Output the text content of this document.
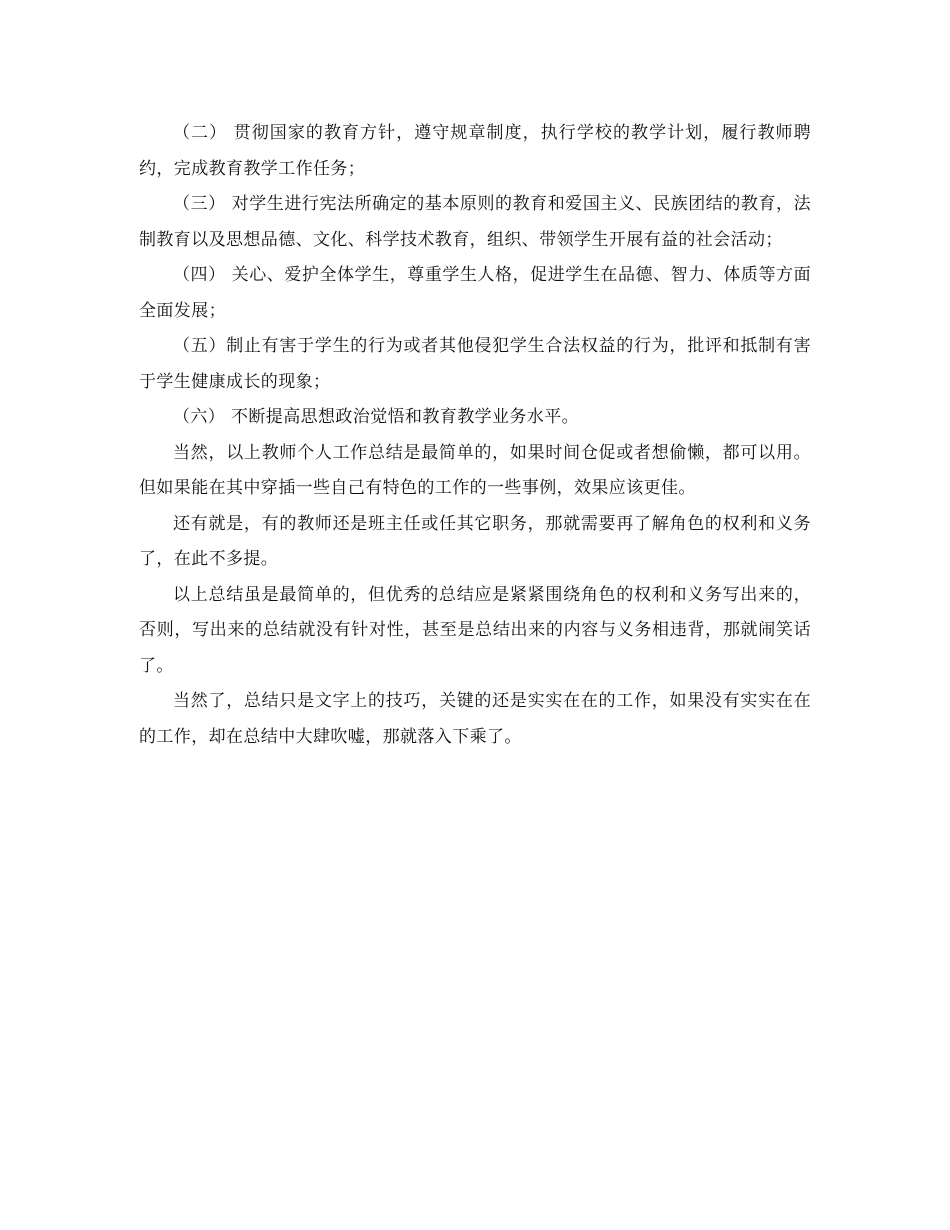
（二） 贯彻国家的教育方针，遵守规章制度，执行学校的教学计划，履行教师聘约，完成教育教学工作任务；

（三） 对学生进行宪法所确定的基本原则的教育和爱国主义、民族团结的教育，法制教育以及思想品德、文化、科学技术教育，组织、带领学生开展有益的社会活动；

（四） 关心、爱护全体学生，尊重学生人格，促进学生在品德、智力、体质等方面全面发展；

（五）制止有害于学生的行为或者其他侵犯学生合法权益的行为，批评和抵制有害于学生健康成长的现象；

（六） 不断提高思想政治觉悟和教育教学业务水平。

当然，以上教师个人工作总结是最简单的，如果时间仓促或者想偷懒，都可以用。但如果能在其中穿插一些自己有特色的工作的一些事例，效果应该更佳。

还有就是，有的教师还是班主任或任其它职务，那就需要再了解角色的权利和义务了，在此不多提。

以上总结虽是最简单的，但优秀的总结应是紧紧围绕角色的权利和义务写出来的，否则，写出来的总结就没有针对性，甚至是总结出来的内容与义务相违背，那就闹笑话了。

当然了，总结只是文字上的技巧，关键的还是实实在在的工作，如果没有实实在在的工作，却在总结中大肆吹嘘，那就落入下乘了。
